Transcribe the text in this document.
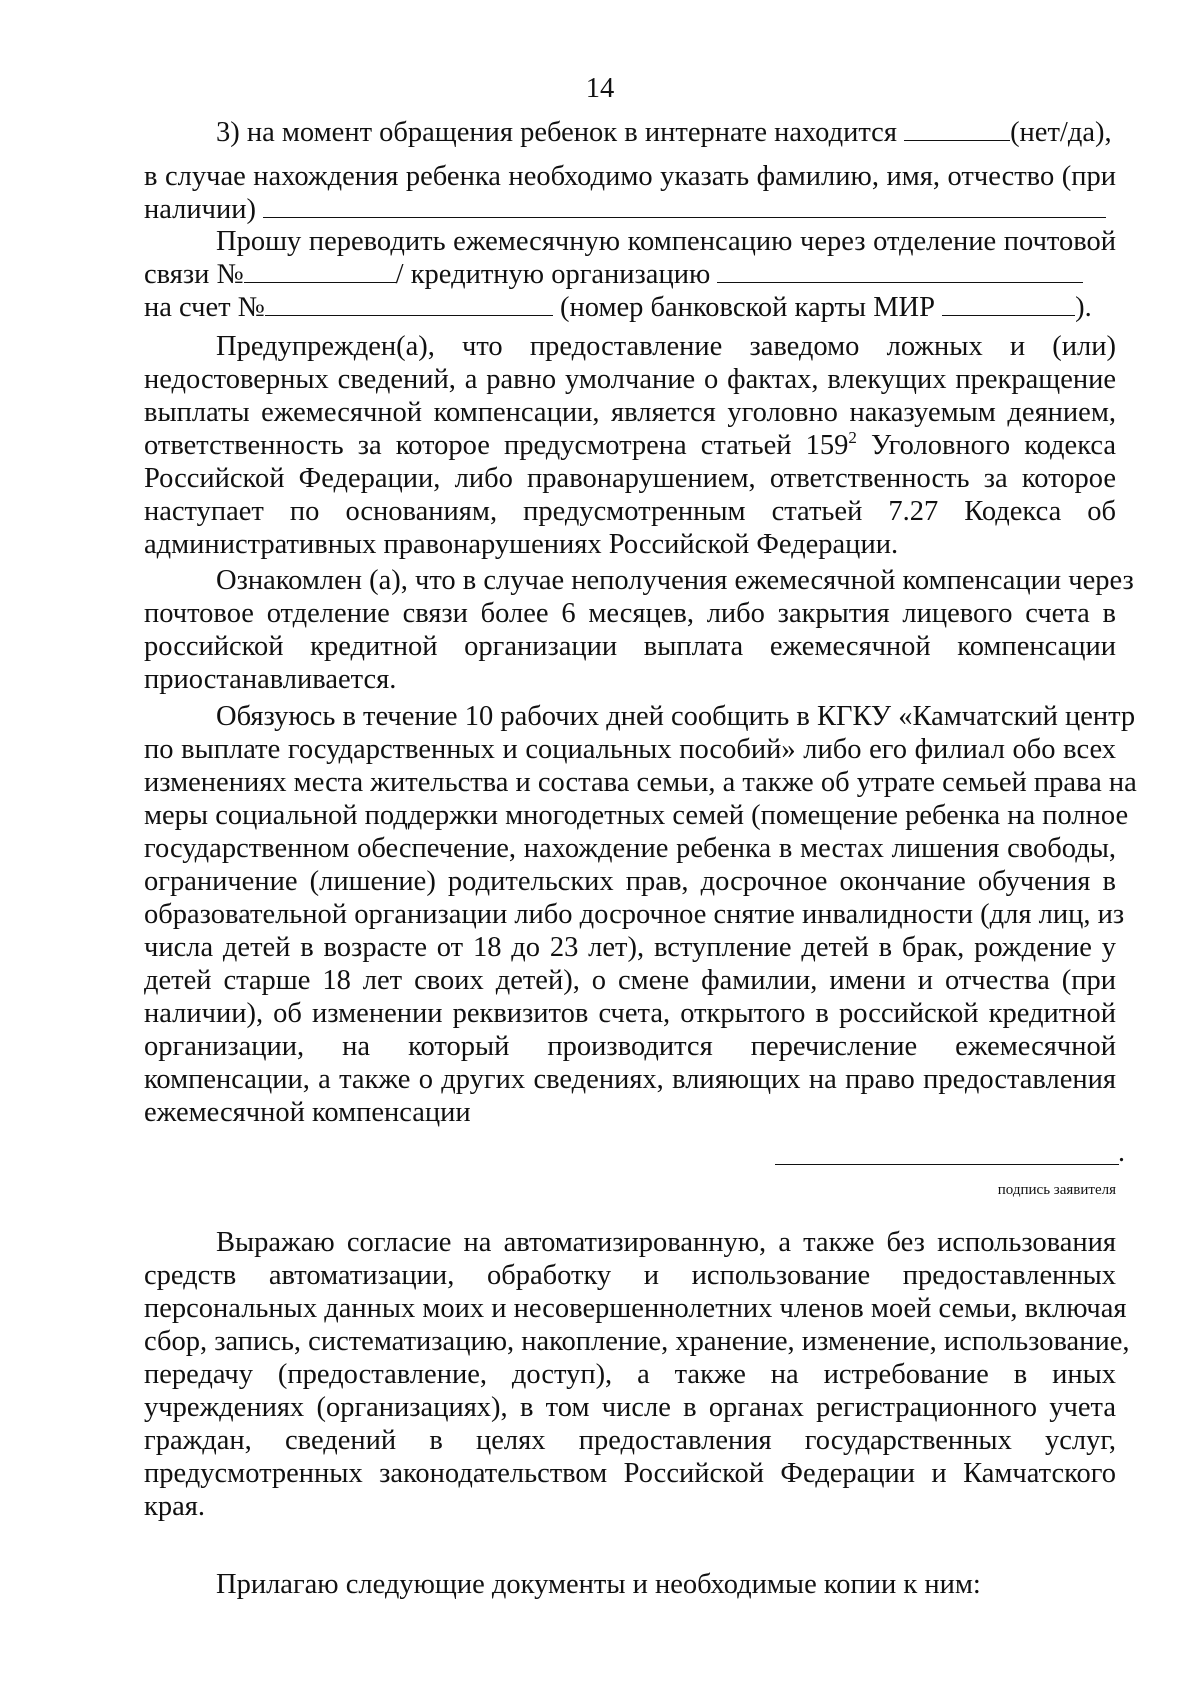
14
3) на момент обращения ребенок в интернате находится	(нет/да),
в случае нахождения ребенка необходимо указать фамилию, имя, отчество (при
наличии)
Прошу переводить ежемесячную компенсацию через отделение почтовой
связи №	/ кредитную организацию
на счет №	(номер банковской карты МИР	).
Предупрежден(а), что предоставление заведомо ложных и (или)
недостоверных сведений, а равно умолчание о фактах, влекущих прекращение
выплаты ежемесячной компенсации, является уголовно наказуемым деянием,
ответственность за которое предусмотрена статьей $159^2$ Уголовного кодекса
Российской Федерации, либо правонарушением, ответственность за которое
наступает по основаниям, предусмотренным статьей 7.27 Кодекса об
административных правонарушениях Российской Федерации.
Ознакомлен (а), что в случае неполучения ежемесячной компенсации через
почтовое отделение связи более 6 месяцев, либо закрытия лицевого счета в
российской кредитной организации выплата ежемесячной компенсации
приостанавливается.
Обязуюсь в течение 10 рабочих дней сообщить в КГКУ «Камчатский центр
по выплате государственных и социальных пособий» либо его филиал обо всех
изменениях места жительства и состава семьи, а также об утрате семьей права на
меры социальной поддержки многодетных семей (помещение ребенка на полное
государственном обеспечение, нахождение ребенка в местах лишения свободы,
ограничение (лишение) родительских прав, досрочное окончание обучения в
образовательной организации либо досрочное снятие инвалидности (для лиц, из
числа детей в возрасте от 18 до 23 лет), вступление детей в брак, рождение у
детей старше 18 лет своих детей), о смене фамилии, имени и отчества (при
наличии), об изменении реквизитов счета, открытого в российской кредитной
организации, на который производится перечисление ежемесячной
компенсации, а также о других сведениях, влияющих на право предоставления
ежемесячной компенсации
.
подпись заявителя
Выражаю согласие на автоматизированную, а также без использования
средств автоматизации, обработку и использование предоставленных
персональных данных моих и несовершеннолетних членов моей семьи, включая
сбор, запись, систематизацию, накопление, хранение, изменение, использование,
передачу (предоставление, доступ), а также на истребование в иных
учреждениях (организациях), в том числе в органах регистрационного учета
граждан, сведений в целях предоставления государственных услуг,
предусмотренных законодательством Российской Федерации и Камчатского
края.
Прилагаю следующие документы и необходимые копии к ним:
